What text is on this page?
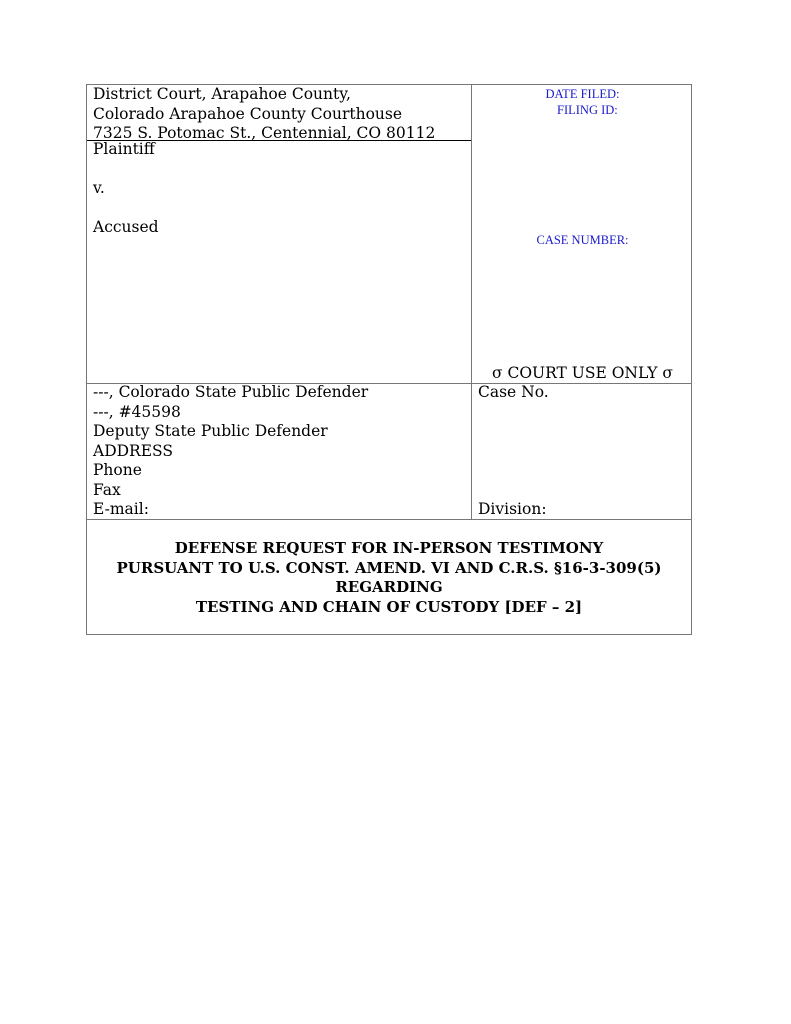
District Court, Arapahoe County,
Colorado Arapahoe County Courthouse
7325 S. Potomac St., Centennial, CO 80112
Plaintiff
v.
Accused
DATE FILED:
FILING ID:
CASE NUMBER:
σ COURT USE ONLY σ
---, Colorado State Public Defender
---, #45598
Deputy State Public Defender
ADDRESS
Phone
Fax
E-mail:
Case No.
Division:
DEFENSE REQUEST FOR IN-PERSON TESTIMONY
PURSUANT TO U.S. CONST. AMEND. VI AND C.R.S. §16-3-309(5)
REGARDING
TESTING AND CHAIN OF CUSTODY [DEF – 2]
